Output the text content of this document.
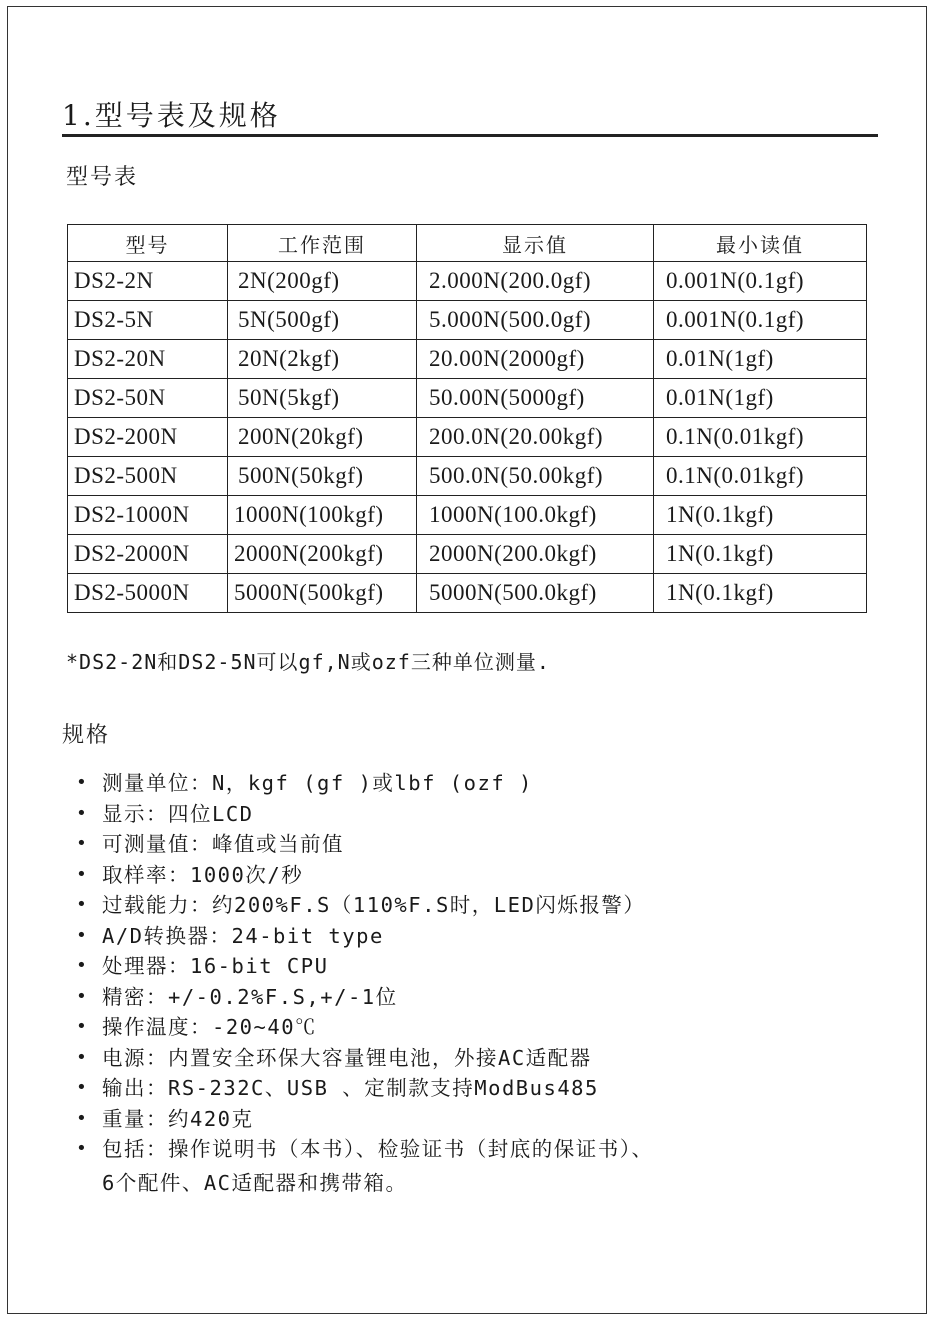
1.型号表及规格
型号表
型号	工作范围	显示值	最小读值
DS2-2N	2N(200gf)	2.000N(200.0gf)	0.001N(0.1gf)
DS2-5N	5N(500gf)	5.000N(500.0gf)	0.001N(0.1gf)
DS2-20N	20N(2kgf)	20.00N(2000gf)	0.01N(1gf)
DS2-50N	50N(5kgf)	50.00N(5000gf)	0.01N(1gf)
DS2-200N	200N(20kgf)	200.0N(20.00kgf)	0.1N(0.01kgf)
DS2-500N	500N(50kgf)	500.0N(50.00kgf)	0.1N(0.01kgf)
DS2-1000N	1000N(100kgf)	1000N(100.0kgf)	1N(0.1kgf)
DS2-2000N	2000N(200kgf)	2000N(200.0kgf)	1N(0.1kgf)
DS2-5000N	5000N(500kgf)	5000N(500.0kgf)	1N(0.1kgf)
*DS2-2N和DS2-5N可以gf,N或ozf三种单位测量.
规格
• 测量单位：N，kgf (gf )或lbf (ozf )
• 显示：四位LCD
• 可测量值：峰值或当前值
• 取样率：1000次/秒
• 过载能力：约200%F.S（110%F.S时，LED闪烁报警）
• A/D转换器：24-bit type
• 处理器：16-bit CPU
• 精密：+/-0.2%F.S,+/-1位
• 操作温度：-20~40℃
• 电源：内置安全环保大容量锂电池，外接AC适配器
• 输出：RS-232C、USB 、定制款支持ModBus485
• 重量：约420克
• 包括：操作说明书（本书）、检验证书（封底的保证书）、
6个配件、AC适配器和携带箱。
